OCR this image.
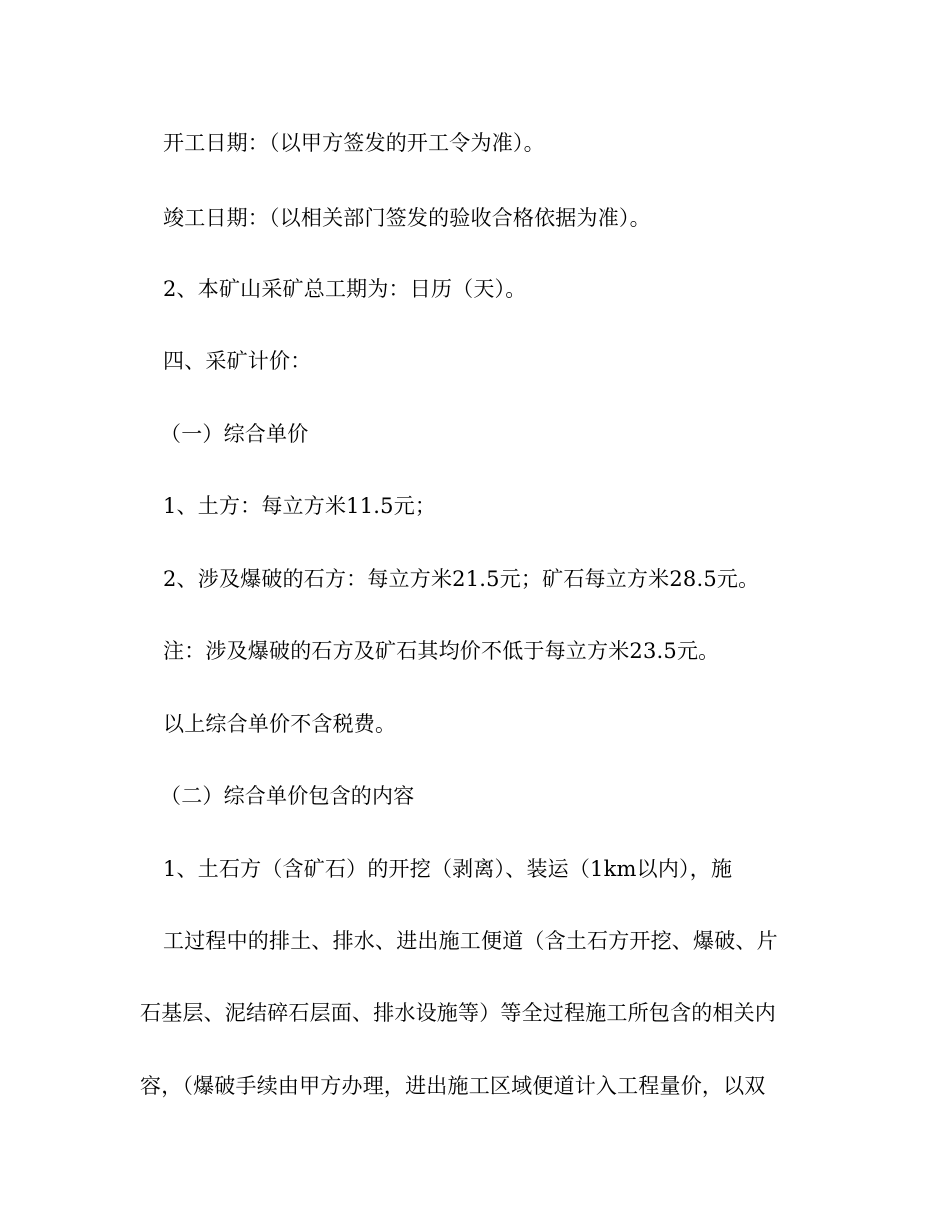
开工日期：（以甲方签发的开工令为准）。

竣工日期：（以相关部门签发的验收合格依据为准）。

2、本矿山采矿总工期为：日历（天）。

四、采矿计价：

（一）综合单价

1、土方：每立方米11.5元；

2、涉及爆破的石方：每立方米21.5元；矿石每立方米28.5元。

注：涉及爆破的石方及矿石其均价不低于每立方米23.5元。

以上综合单价不含税费。

（二）综合单价包含的内容

1、土石方（含矿石）的开挖（剥离）、装运（1km以内），施

工过程中的排土、排水、进出施工便道（含土石方开挖、爆破、片

石基层、泥结碎石层面、排水设施等）等全过程施工所包含的相关内

容，（爆破手续由甲方办理，进出施工区域便道计入工程量价，以双
